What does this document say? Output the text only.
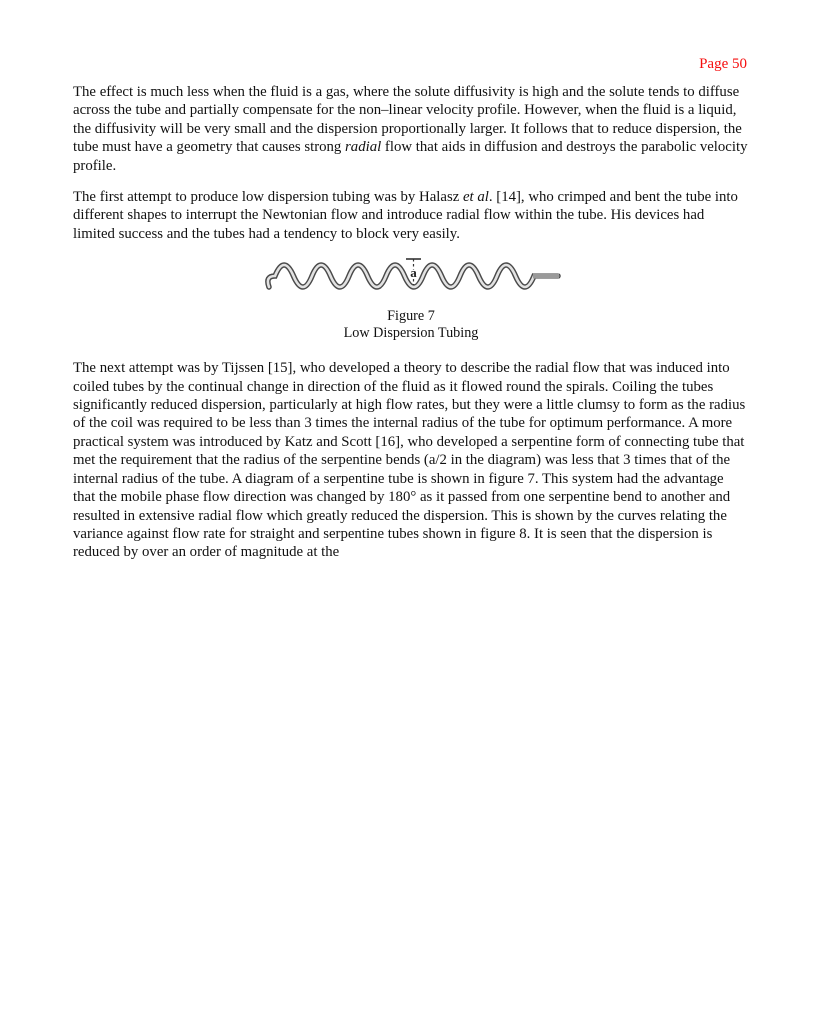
Page 50

The effect is much less when the fluid is a gas, where the solute diffusivity is high and the solute tends to diffuse across the tube and partially compensate for the non–linear velocity profile. However, when the fluid is a liquid, the diffusivity will be very small and the dispersion proportionally larger. It follows that to reduce dispersion, the tube must have a geometry that causes strong radial flow that aids in diffusion and destroys the parabolic velocity profile.

The first attempt to produce low dispersion tubing was by Halasz et al. [14], who crimped and bent the tube into different shapes to interrupt the Newtonian flow and introduce radial flow within the tube. His devices had limited success and the tubes had a tendency to block very easily.

a
Figure 7
Low Dispersion Tubing

The next attempt was by Tijssen [15], who developed a theory to describe the radial flow that was induced into coiled tubes by the continual change in direction of the fluid as it flowed round the spirals. Coiling the tubes significantly reduced dispersion, particularly at high flow rates, but they were a little clumsy to form as the radius of the coil was required to be less than 3 times the internal radius of the tube for optimum performance. A more practical system was introduced by Katz and Scott [16], who developed a serpentine form of connecting tube that met the requirement that the radius of the serpentine bends (a/2 in the diagram) was less that 3 times that of the internal radius of the tube. A diagram of a serpentine tube is shown in figure 7. This system had the advantage that the mobile phase flow direction was changed by 180° as it passed from one serpentine bend to another and resulted in extensive radial flow which greatly reduced the dispersion. This is shown by the curves relating the variance against flow rate for straight and serpentine tubes shown in figure 8. It is seen that the dispersion is reduced by over an order of magnitude at the
